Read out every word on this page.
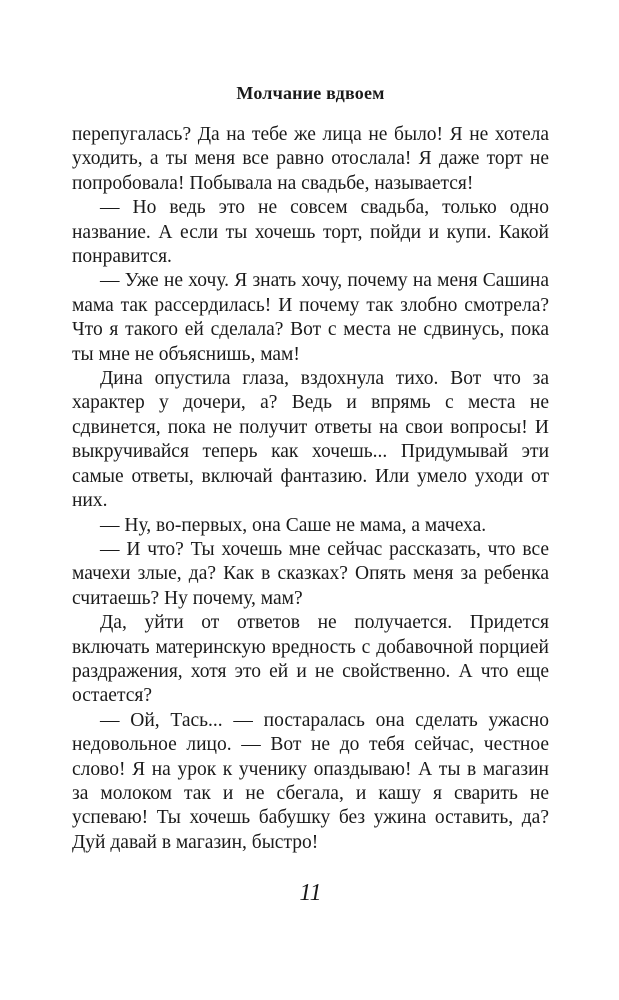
Молчание вдвоем

перепугалась? Да на тебе же лица не было! Я не хотела уходить, а ты меня все равно отослала! Я даже торт не попробовала! Побывала на свадьбе, называется!

— Но ведь это не совсем свадьба, только одно название. А если ты хочешь торт, пойди и купи. Какой понравится.

— Уже не хочу. Я знать хочу, почему на меня Сашина мама так рассердилась! И почему так злобно смотрела? Что я такого ей сделала? Вот с места не сдвинусь, пока ты мне не объяснишь, мам!

Дина опустила глаза, вздохнула тихо. Вот что за характер у дочери, а? Ведь и впрямь с места не сдвинется, пока не получит ответы на свои вопросы! И выкручивайся теперь как хочешь... Придумывай эти самые ответы, включай фантазию. Или умело уходи от них.

— Ну, во-первых, она Саше не мама, а мачеха.

— И что? Ты хочешь мне сейчас рассказать, что все мачехи злые, да? Как в сказках? Опять меня за ребенка считаешь? Ну почему, мам?

Да, уйти от ответов не получается. Придется включать материнскую вредность с добавочной порцией раздражения, хотя это ей и не свойственно. А что еще остается?

— Ой, Тась... — постаралась она сделать ужасно недовольное лицо. — Вот не до тебя сейчас, честное слово! Я на урок к ученику опаздываю! А ты в магазин за молоком так и не сбегала, и кашу я сварить не успеваю! Ты хочешь бабушку без ужина оставить, да? Дуй давай в магазин, быстро!

11
